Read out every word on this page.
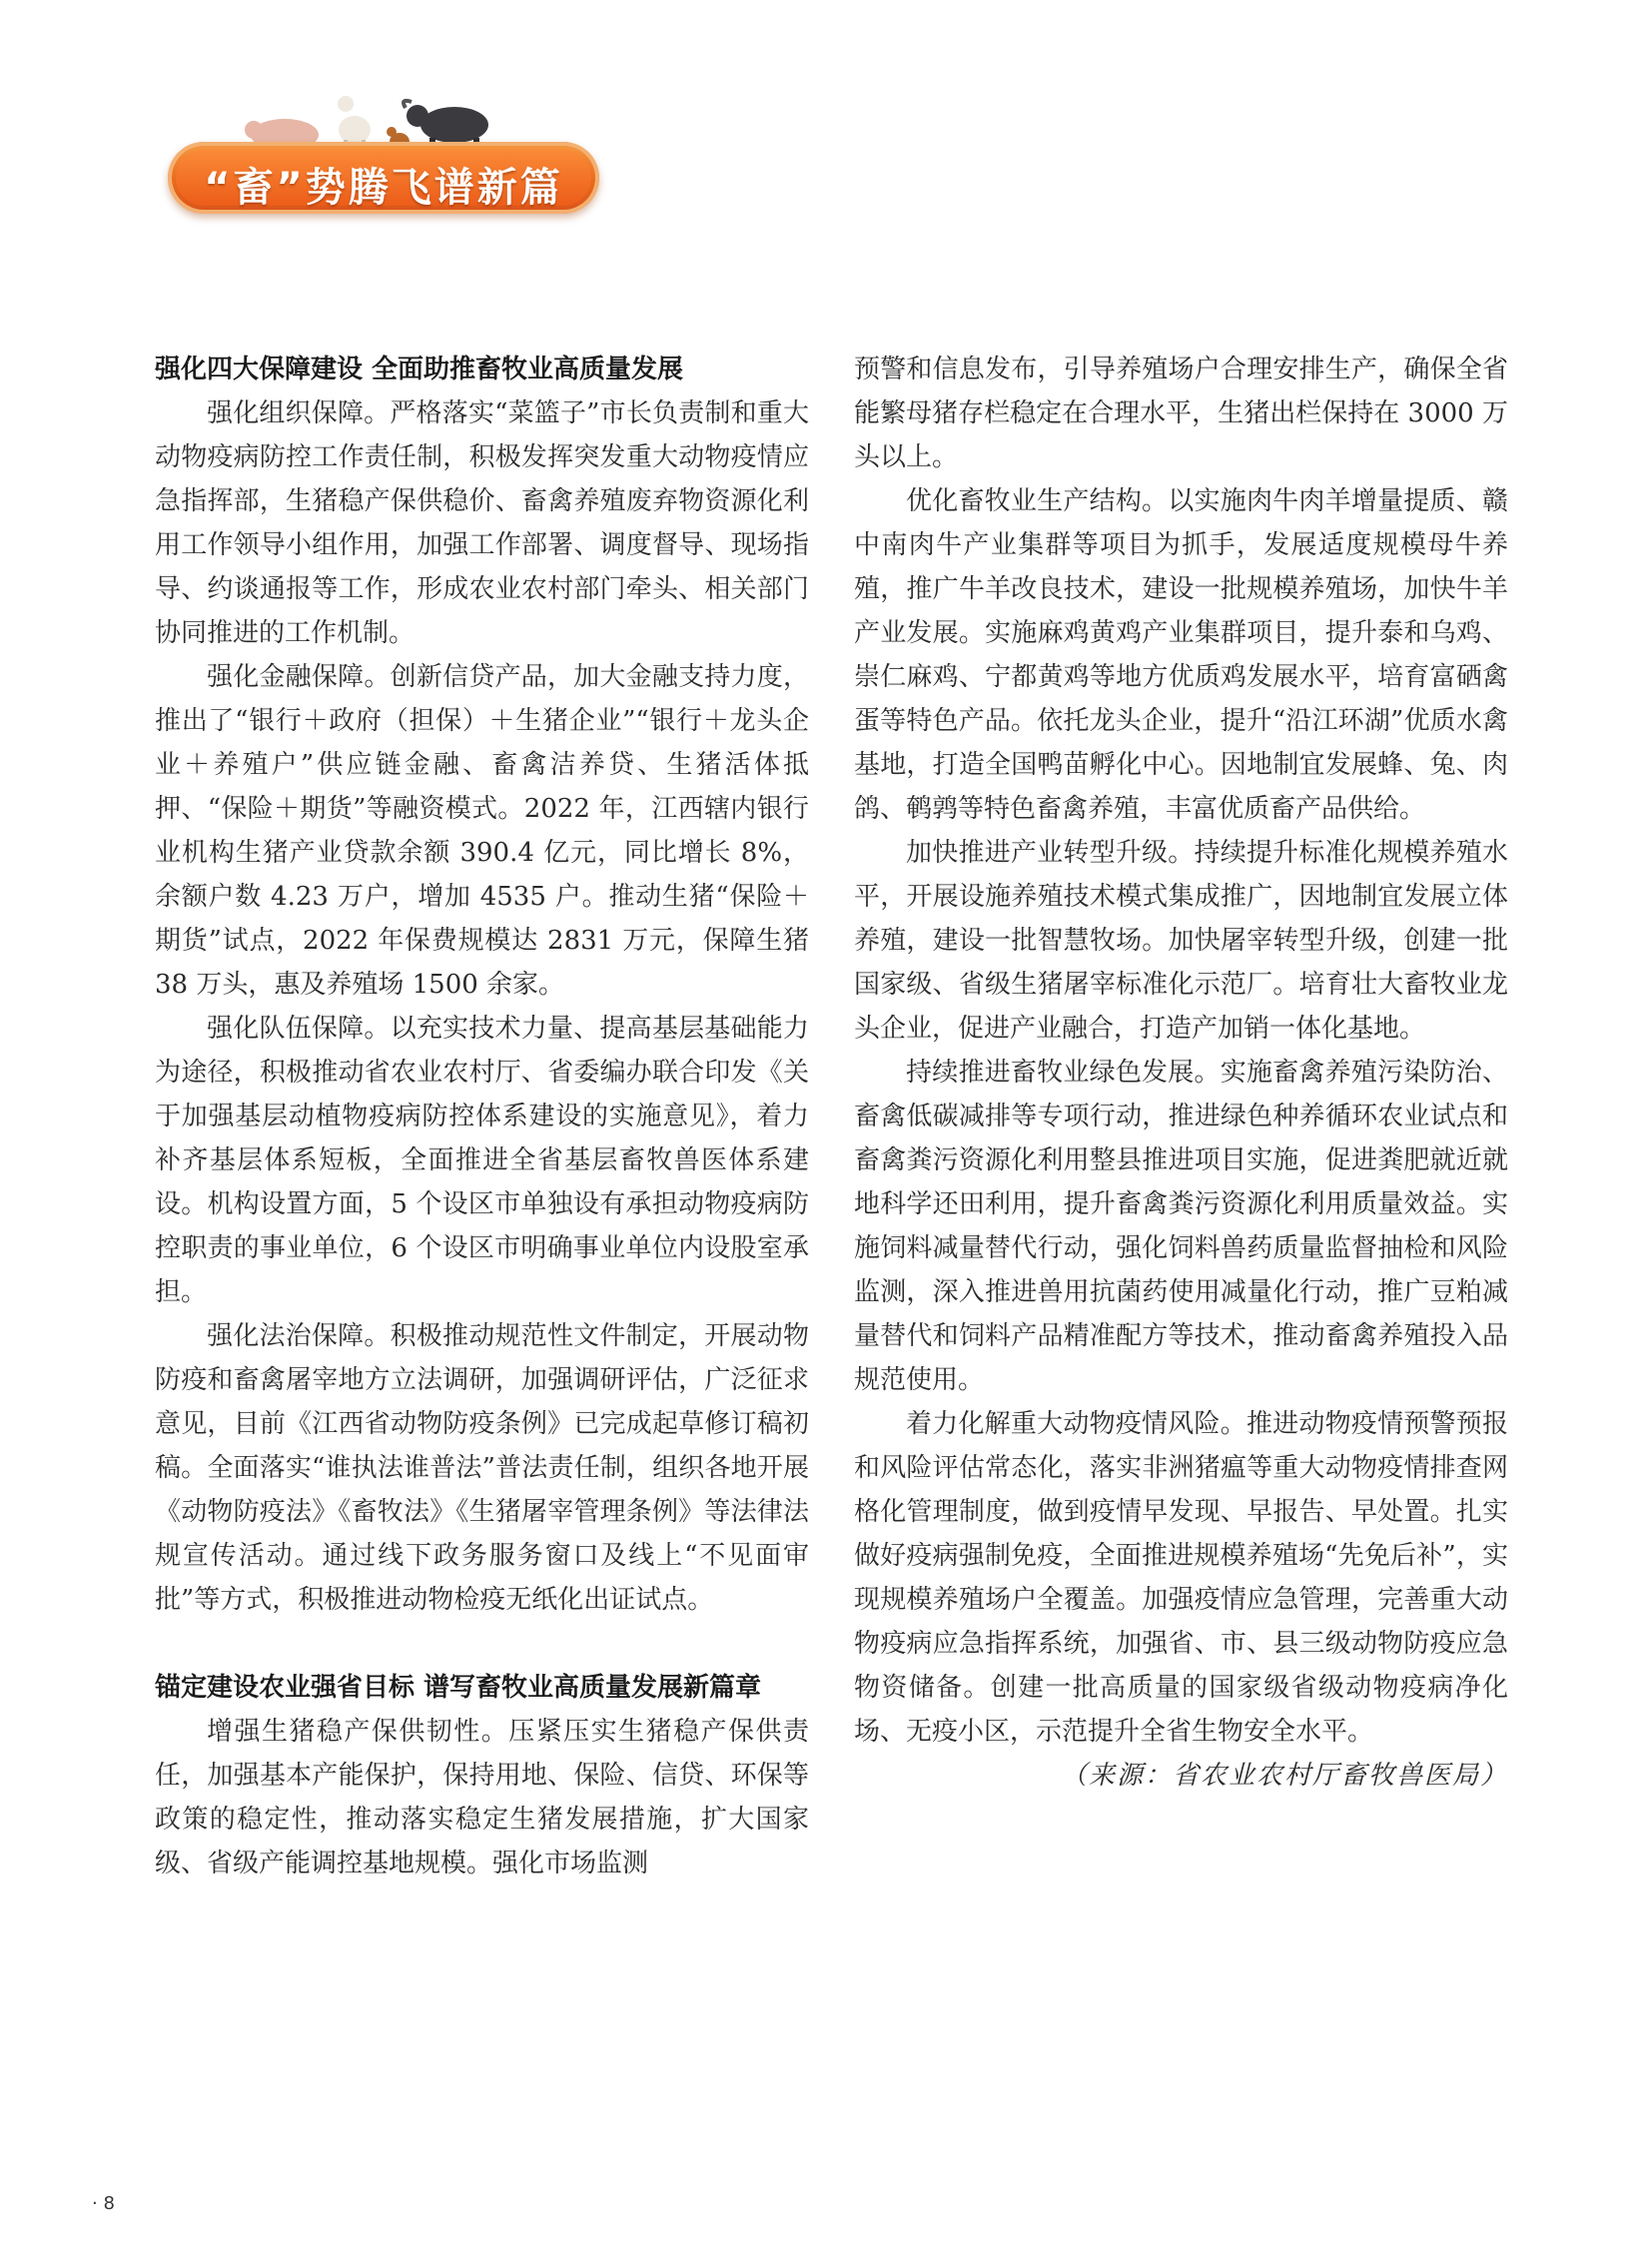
“畜”势腾飞谱新篇
强化四大保障建设 全面助推畜牧业高质量发展

强化组织保障。严格落实“菜篮子”市长负责制和重大动物疫病防控工作责任制，积极发挥突发重大动物疫情应急指挥部，生猪稳产保供稳价、畜禽养殖废弃物资源化利用工作领导小组作用，加强工作部署、调度督导、现场指导、约谈通报等工作，形成农业农村部门牵头、相关部门协同推进的工作机制。

强化金融保障。创新信贷产品，加大金融支持力度，推出了“银行＋政府（担保）＋生猪企业”“银行＋龙头企业＋养殖户”供应链金融、畜禽洁养贷、生猪活体抵押、“保险＋期货”等融资模式。2022 年，江西辖内银行业机构生猪产业贷款余额 390.4 亿元，同比增长 8%，余额户数 4.23 万户，增加 4535 户。推动生猪“保险＋期货”试点，2022 年保费规模达 2831 万元，保障生猪 38 万头，惠及养殖场 1500 余家。

强化队伍保障。以充实技术力量、提高基层基础能力为途径，积极推动省农业农村厅、省委编办联合印发《关于加强基层动植物疫病防控体系建设的实施意见》，着力补齐基层体系短板，全面推进全省基层畜牧兽医体系建设。机构设置方面，5 个设区市单独设有承担动物疫病防控职责的事业单位，6 个设区市明确事业单位内设股室承担。

强化法治保障。积极推动规范性文件制定，开展动物防疫和畜禽屠宰地方立法调研，加强调研评估，广泛征求意见，目前《江西省动物防疫条例》已完成起草修订稿初稿。全面落实“谁执法谁普法”普法责任制，组织各地开展《动物防疫法》《畜牧法》《生猪屠宰管理条例》等法律法规宣传活动。通过线下政务服务窗口及线上“不见面审批”等方式，积极推进动物检疫无纸化出证试点。

锚定建设农业强省目标 谱写畜牧业高质量发展新篇章

增强生猪稳产保供韧性。压紧压实生猪稳产保供责任，加强基本产能保护，保持用地、保险、信贷、环保等政策的稳定性，推动落实稳定生猪发展措施，扩大国家级、省级产能调控基地规模。强化市场监测

预警和信息发布，引导养殖场户合理安排生产，确保全省能繁母猪存栏稳定在合理水平，生猪出栏保持在 3000 万头以上。

优化畜牧业生产结构。以实施肉牛肉羊增量提质、赣中南肉牛产业集群等项目为抓手，发展适度规模母牛养殖，推广牛羊改良技术，建设一批规模养殖场，加快牛羊产业发展。实施麻鸡黄鸡产业集群项目，提升泰和乌鸡、崇仁麻鸡、宁都黄鸡等地方优质鸡发展水平，培育富硒禽蛋等特色产品。依托龙头企业，提升“沿江环湖”优质水禽基地，打造全国鸭苗孵化中心。因地制宜发展蜂、兔、肉鸽、鹌鹑等特色畜禽养殖，丰富优质畜产品供给。

加快推进产业转型升级。持续提升标准化规模养殖水平，开展设施养殖技术模式集成推广，因地制宜发展立体养殖，建设一批智慧牧场。加快屠宰转型升级，创建一批国家级、省级生猪屠宰标准化示范厂。培育壮大畜牧业龙头企业，促进产业融合，打造产加销一体化基地。

持续推进畜牧业绿色发展。实施畜禽养殖污染防治、畜禽低碳减排等专项行动，推进绿色种养循环农业试点和畜禽粪污资源化利用整县推进项目实施，促进粪肥就近就地科学还田利用，提升畜禽粪污资源化利用质量效益。实施饲料减量替代行动，强化饲料兽药质量监督抽检和风险监测，深入推进兽用抗菌药使用减量化行动，推广豆粕减量替代和饲料产品精准配方等技术，推动畜禽养殖投入品规范使用。

着力化解重大动物疫情风险。推进动物疫情预警预报和风险评估常态化，落实非洲猪瘟等重大动物疫情排查网格化管理制度，做到疫情早发现、早报告、早处置。扎实做好疫病强制免疫，全面推进规模养殖场“先免后补”，实现规模养殖场户全覆盖。加强疫情应急管理，完善重大动物疫病应急指挥系统，加强省、市、县三级动物防疫应急物资储备。创建一批高质量的国家级省级动物疫病净化场、无疫小区，示范提升全省生物安全水平。

（来源：省农业农村厅畜牧兽医局）
· 8
